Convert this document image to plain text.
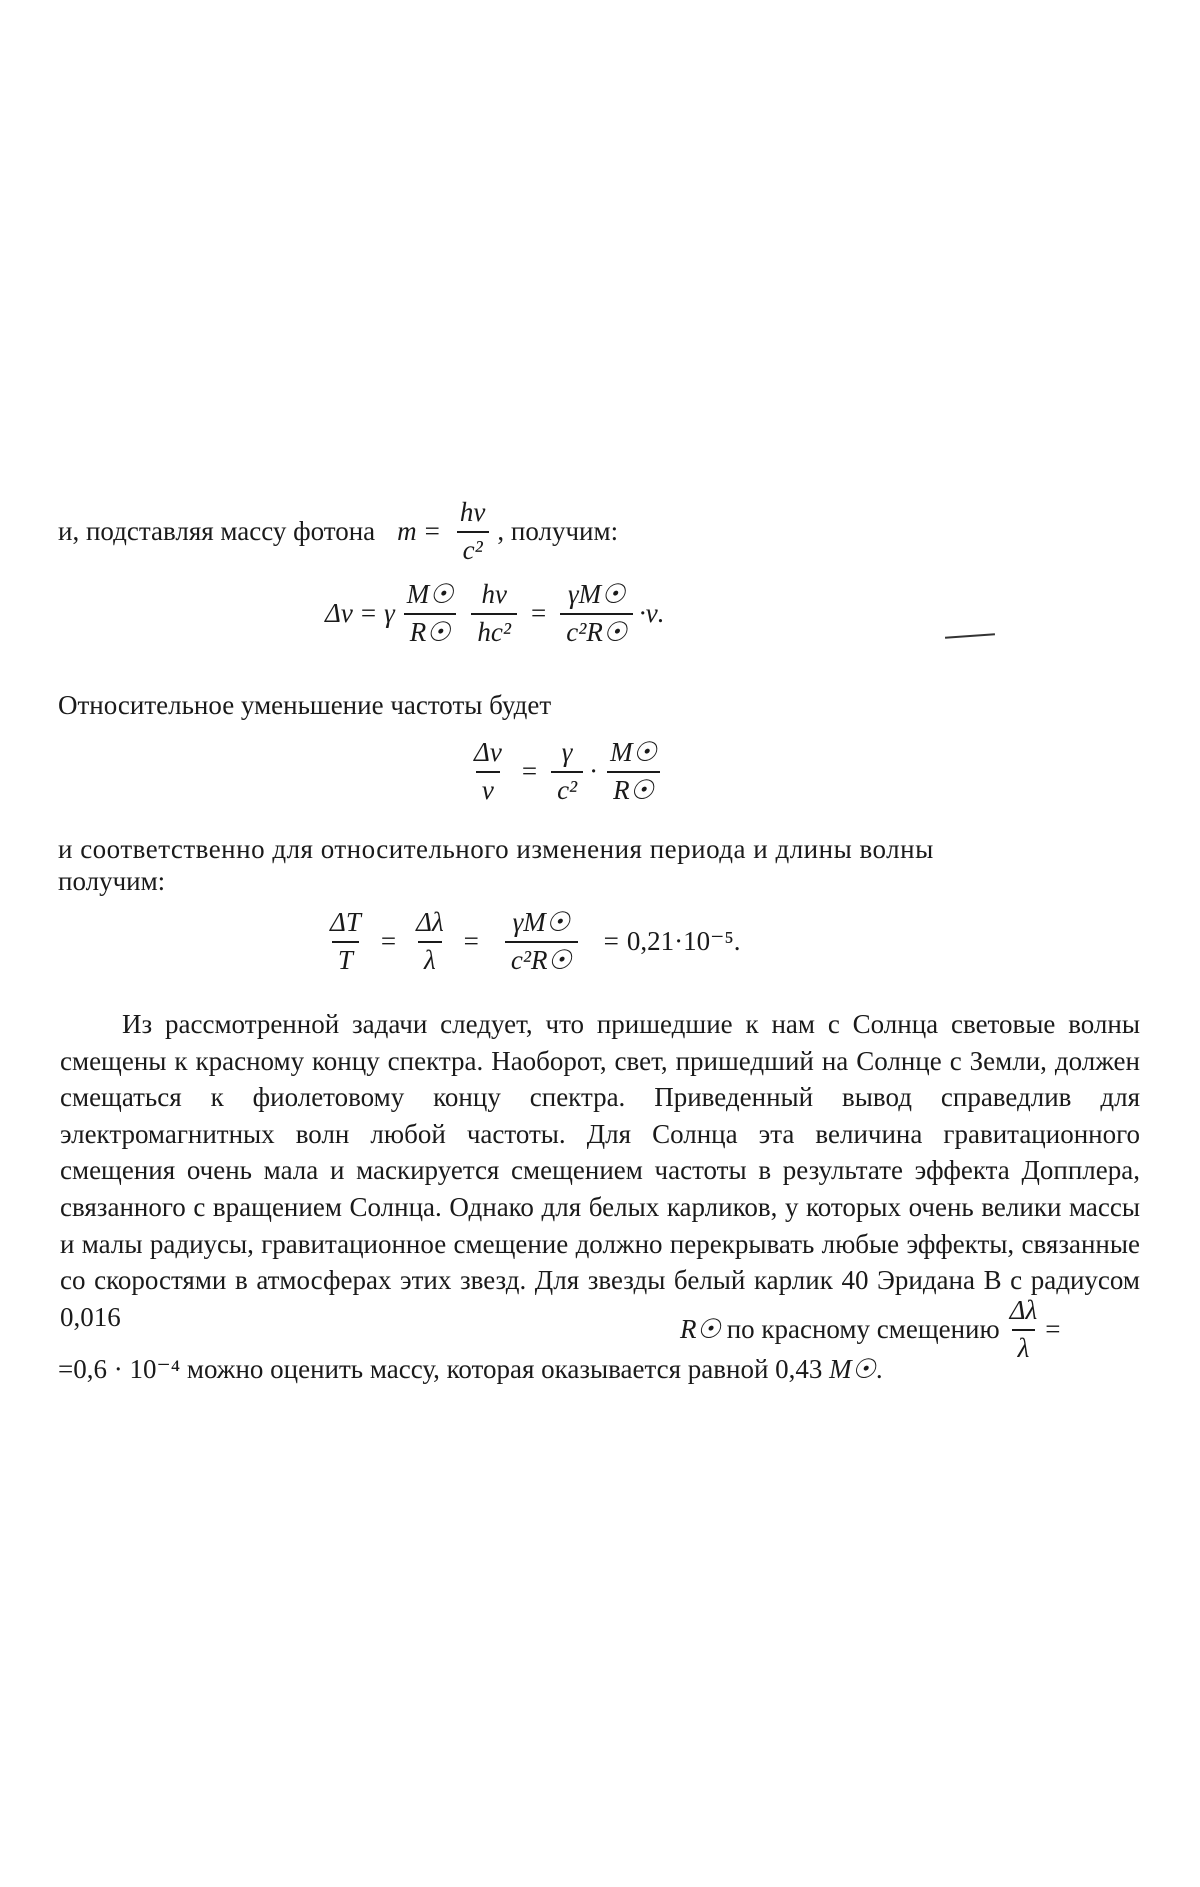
и, подставляя массу фотона $m = \frac{h\nu}{\text{c²}}$ , получим:
Δν = γ $\frac{M☉}{R☉} \frac{h\nu}{\text{hc²}} = \frac{\gamma M☉}{\text{c²R☉}} \cdot\nu$.
Относительное уменьшение частоты будет
$\frac{\Delta\nu}{\nu} = \frac{\gamma}{\text{c²}} \cdot \frac{M☉}{R☉}$
и соответственно для относительного изменения периода и длины волны
получим:
$\frac{\Delta T}{T} = \frac{\Delta\lambda}{\lambda} = \frac{\gamma M☉}{\text{c²R☉}} = 0,21\cdot 10^{-5}$.
Из рассмотренной задачи следует, что пришедшие к нам с Солнца световые волны смещены к красному концу спектра. Наоборот, свет, пришедший на Солнце с Земли, должен смещаться к фиолетовому концу спектра. Приведенный вывод справедлив для электромагнитных волн любой частоты. Для Солнца эта величина гравитационного смещения очень мала и маскируется смещением частоты в результате эффекта Допплера, связанного с вращением Солнца. Однако для белых карликов, у которых очень велики массы и малы радиусы, гравитационное смещение должно перекрывать любые эффекты, связанные со скоростями в атмосферах этих звезд. Для звезды белый карлик 40 Эридана В с радиусом 0,016	R☉ по красному смещению $\frac{\Delta\lambda}{\lambda}$ =
=0,6 · 10⁻⁴ можно оценить массу, которая оказывается равной 0,43 M☉.
